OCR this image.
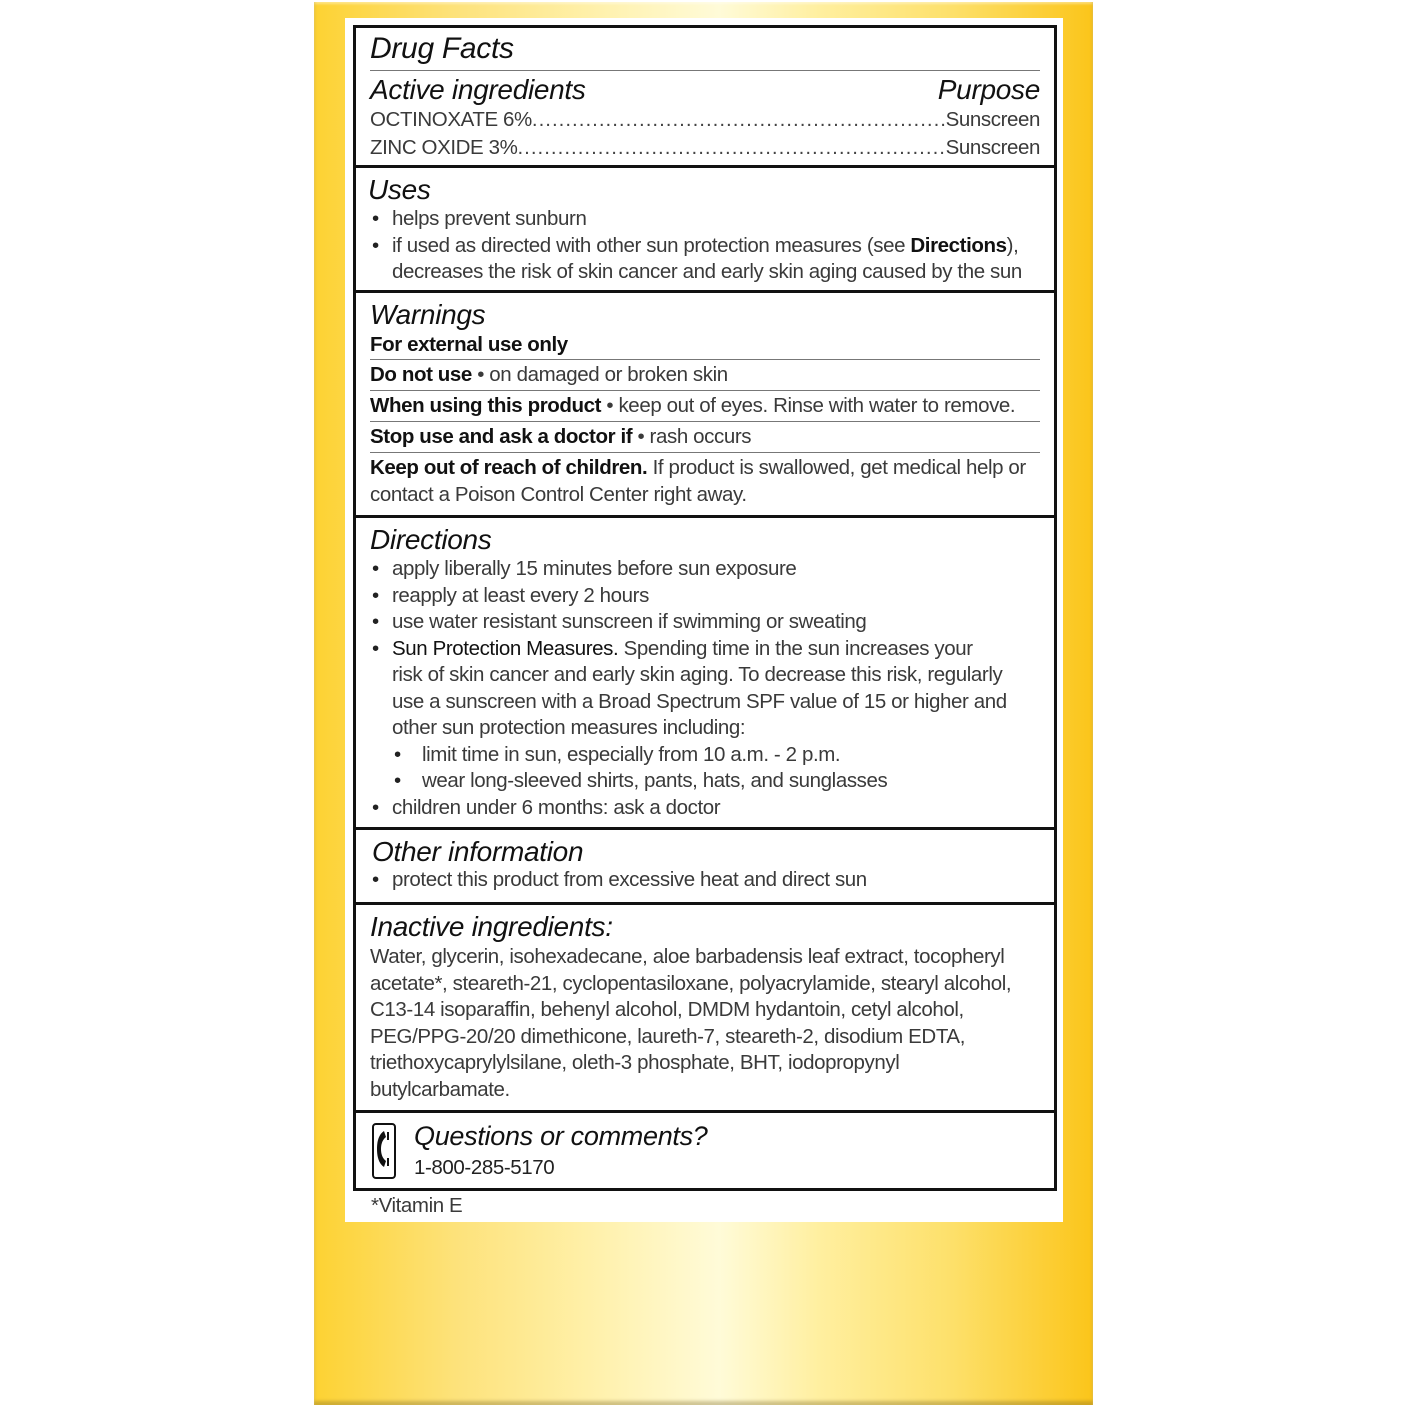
Drug Facts
Active ingredients	Purpose
OCTINOXATE 6% .....	Sunscreen
ZINC OXIDE 3% .....	Sunscreen
Uses
• helps prevent sunburn
• if used as directed with other sun protection measures (see Directions),
decreases the risk of skin cancer and early skin aging caused by the sun
Warnings
For external use only
Do not use • on damaged or broken skin
When using this product • keep out of eyes. Rinse with water to remove.
Stop use and ask a doctor if • rash occurs
Keep out of reach of children. If product is swallowed, get medical help or
contact a Poison Control Center right away.
Directions
• apply liberally 15 minutes before sun exposure
• reapply at least every 2 hours
• use water resistant sunscreen if swimming or sweating
• Sun Protection Measures. Spending time in the sun increases your
risk of skin cancer and early skin aging. To decrease this risk, regularly
use a sunscreen with a Broad Spectrum SPF value of 15 or higher and
other sun protection measures including:
• limit time in sun, especially from 10 a.m. - 2 p.m.
• wear long-sleeved shirts, pants, hats, and sunglasses
• children under 6 months: ask a doctor
Other information
• protect this product from excessive heat and direct sun
Inactive ingredients:
Water, glycerin, isohexadecane, aloe barbadensis leaf extract, tocopheryl
acetate*, steareth-21, cyclopentasiloxane, polyacrylamide, stearyl alcohol,
C13-14 isoparaffin, behenyl alcohol, DMDM hydantoin, cetyl alcohol,
PEG/PPG-20/20 dimethicone, laureth-7, steareth-2, disodium EDTA,
triethoxycaprylylsilane, oleth-3 phosphate, BHT, iodopropynyl
butylcarbamate.
Questions or comments?
1-800-285-5170
*Vitamin E
